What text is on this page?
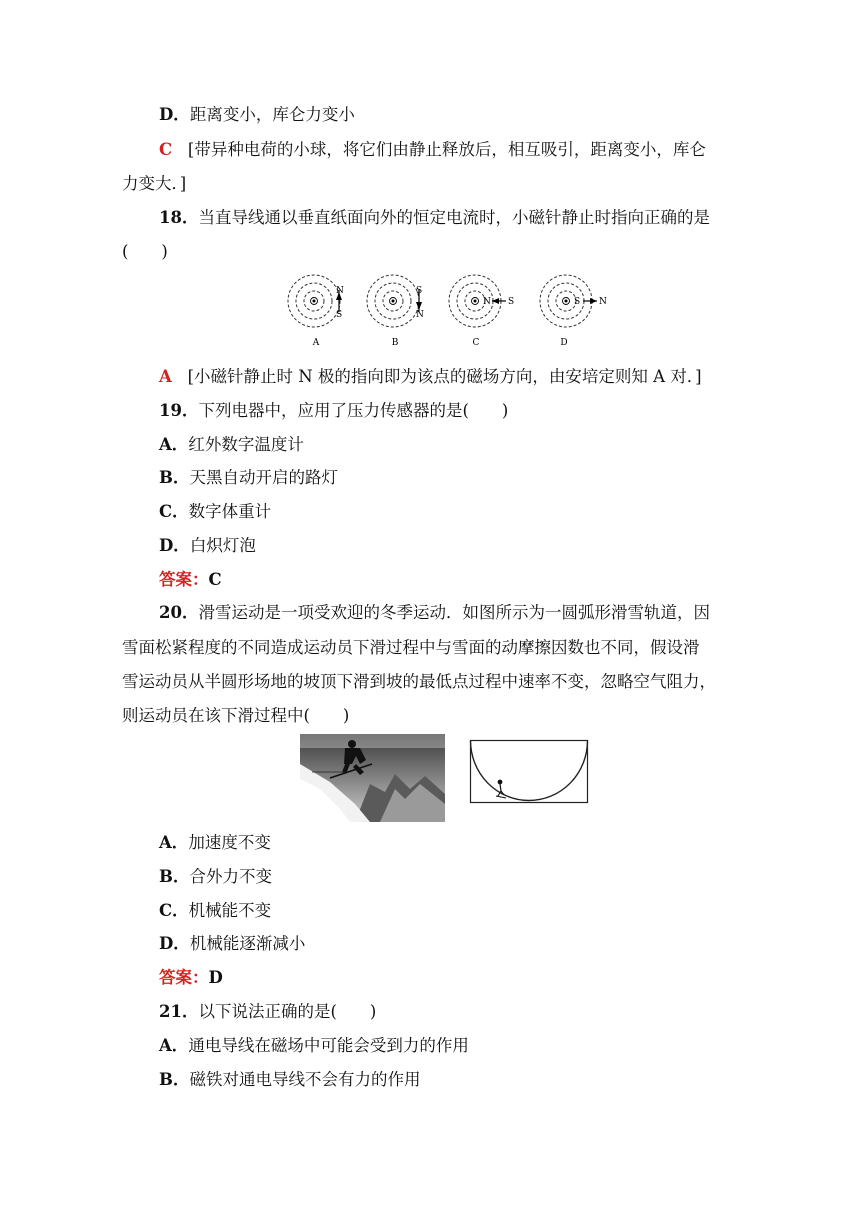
D．距离变小，库仑力变小
C [带异种电荷的小球，将它们由静止释放后，相互吸引，距离变小，库仑
力变大．]
18．当直导线通以垂直纸面向外的恒定电流时，小磁针静止时指向正确的是
(　　)
N
S
S
N
N S	S N
A	B	C	D
A [小磁针静止时 N 极的指向即为该点的磁场方向，由安培定则知 A 对．]
19．下列电器中，应用了压力传感器的是(　　)
A．红外数字温度计
B．天黑自动开启的路灯
C．数字体重计
D．白炽灯泡
答案：C
20．滑雪运动是一项受欢迎的冬季运动．如图所示为一圆弧形滑雪轨道，因
雪面松紧程度的不同造成运动员下滑过程中与雪面的动摩擦因数也不同，假设滑
雪运动员从半圆形场地的坡顶下滑到坡的最低点过程中速率不变，忽略空气阻力，
则运动员在该下滑过程中(　　)
A．加速度不变
B．合外力不变
C．机械能不变
D．机械能逐渐减小
答案：D
21．以下说法正确的是(　　)
A．通电导线在磁场中可能会受到力的作用
B．磁铁对通电导线不会有力的作用
